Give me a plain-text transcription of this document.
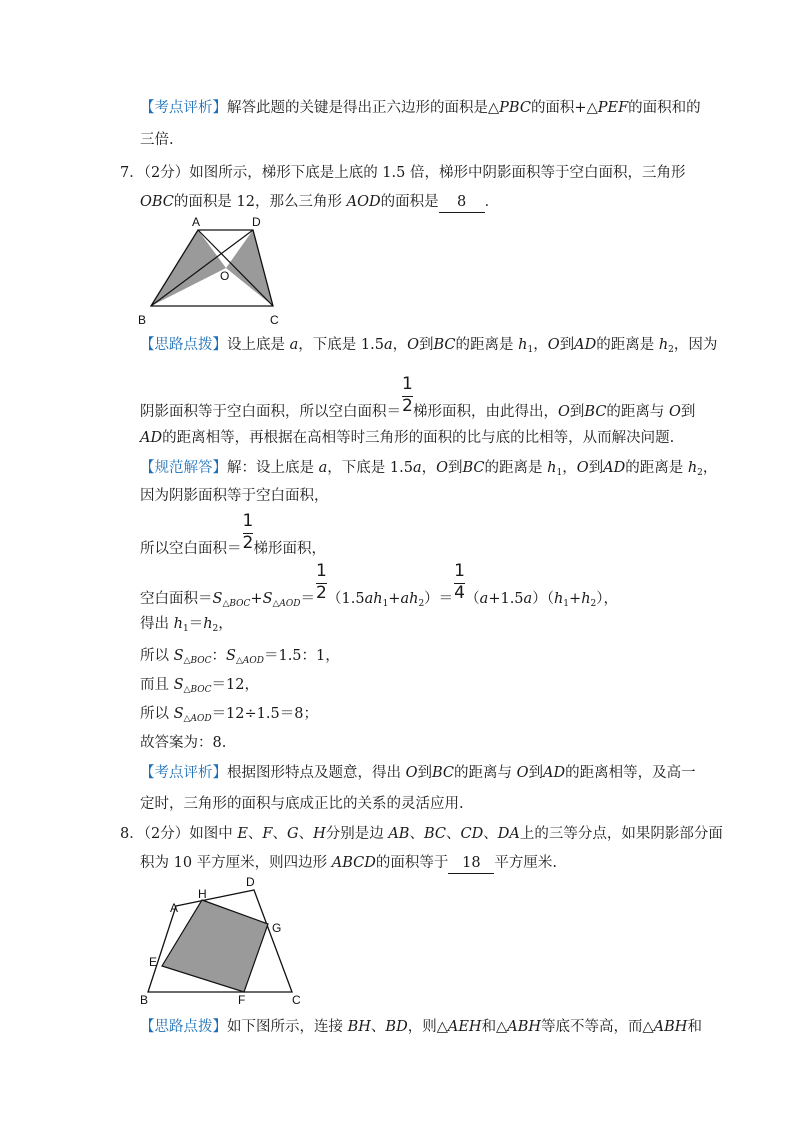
【考点评析】解答此题的关键是得出正六边形的面积是△PBC的面积+△PEF的面积和的
三倍.
7．（2分）如图所示，梯形下底是上底的 1.5 倍，梯形中阴影面积等于空白面积，三角形
OBC的面积是 12，那么三角形 AOD的面积是 8 ．
A	D
O
B	C
【思路点拨】设上底是 a，下底是 1.5a，O到BC的距离是 $h_1$，O到AD的距离是 $h_2$，因为
阴影面积等于空白面积，所以空白面积＝ $\frac{1}{2}$ 梯形面积，由此得出，O到BC的距离与 O到
AD的距离相等，再根据在高相等时三角形的面积的比与底的比相等，从而解决问题.
【规范解答】解：设上底是 a，下底是 1.5a，O到BC的距离是 $h_1$，O到AD的距离是 $h_2$，
因为阴影面积等于空白面积，
所以空白面积＝ $\frac{1}{2}$ 梯形面积，
空白面积$=S_{\triangle BOC}+S_{\triangle AOD}= \frac{1}{2} (1.5ah_1+ah_2)= \frac{1}{4} (a+1.5a)(h_1+h_2)$，
得出 $h_1=h_2$，
所以 $S_{\triangle BOC}$：$S_{\triangle AOD}=1.5$：1，
而且 $S_{\triangle BOC}=12$，
所以 $S_{\triangle AOD}=12\div 1.5=8$；
故答案为：8.
【考点评析】根据图形特点及题意，得出 O到BC的距离与 O到AD的距离相等，及高一
定时，三角形的面积与底成正比的关系的灵活应用.
8．（2分）如图中 E、F、G、H分别是边 AB、BC、CD、DA上的三等分点，如果阴影部分面
积为 10 平方厘米，则四边形 ABCD的面积等于 18 平方厘米.
A
H
D
G
E
B	F	C
【思路点拨】如下图所示，连接 BH、BD，则△AEH和△ABH等底不等高，而△ABH和
